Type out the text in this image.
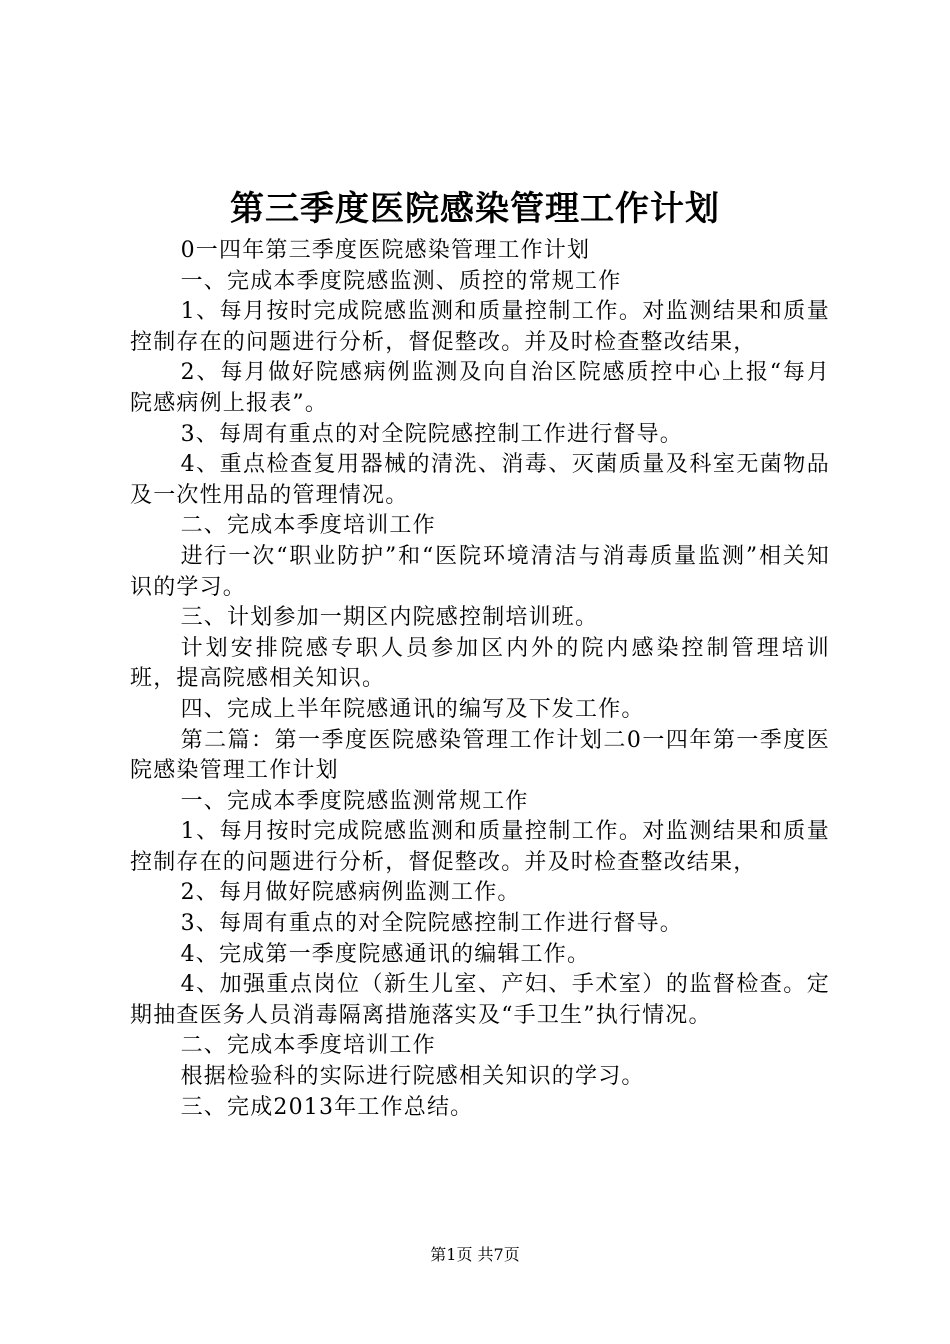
第三季度医院感染管理工作计划

0一四年第三季度医院感染管理工作计划

一、完成本季度院感监测、质控的常规工作

1、每月按时完成院感监测和质量控制工作。对监测结果和质量控制存在的问题进行分析，督促整改。并及时检查整改结果，

2、每月做好院感病例监测及向自治区院感质控中心上报“每月院感病例上报表”。

3、每周有重点的对全院院感控制工作进行督导。

4、重点检查复用器械的清洗、消毒、灭菌质量及科室无菌物品及一次性用品的管理情况。

二、完成本季度培训工作

进行一次“职业防护”和“医院环境清洁与消毒质量监测”相关知识的学习。

三、计划参加一期区内院感控制培训班。

计划安排院感专职人员参加区内外的院内感染控制管理培训班，提高院感相关知识。

四、完成上半年院感通讯的编写及下发工作。

第二篇：第一季度医院感染管理工作计划二0一四年第一季度医院感染管理工作计划

一、完成本季度院感监测常规工作

1、每月按时完成院感监测和质量控制工作。对监测结果和质量控制存在的问题进行分析，督促整改。并及时检查整改结果，

2、每月做好院感病例监测工作。

3、每周有重点的对全院院感控制工作进行督导。

4、完成第一季度院感通讯的编辑工作。

4、加强重点岗位（新生儿室、产妇、手术室）的监督检查。定期抽查医务人员消毒隔离措施落实及“手卫生”执行情况。

二、完成本季度培训工作

根据检验科的实际进行院感相关知识的学习。

三、完成2013年工作总结。

第1页 共7页
